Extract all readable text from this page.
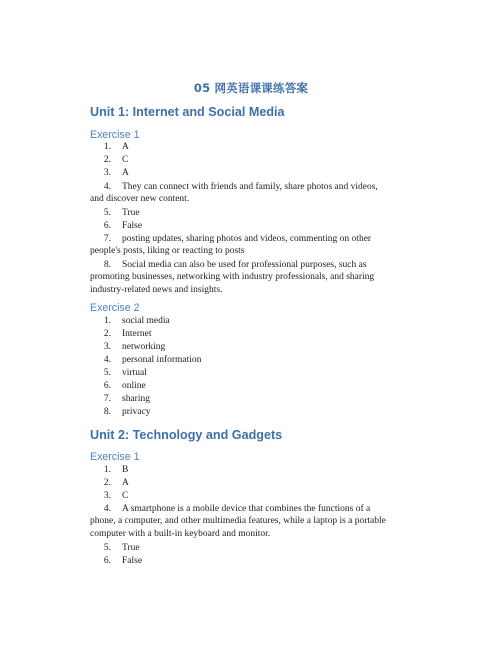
05 网英语课课练答案
Unit 1: Internet and Social Media
Exercise 1
1. A
2. C
3. A
4. They can connect with friends and family, share photos and videos,
and discover new content.
5. True
6. False
7. posting updates, sharing photos and videos, commenting on other
people's posts, liking or reacting to posts
8. Social media can also be used for professional purposes, such as
promoting businesses, networking with industry professionals, and sharing
industry-related news and insights.
Exercise 2
1. social media
2. Internet
3. networking
4. personal information
5. virtual
6. online
7. sharing
8. privacy
Unit 2: Technology and Gadgets
Exercise 1
1. B
2. A
3. C
4. A smartphone is a mobile device that combines the functions of a
phone, a computer, and other multimedia features, while a laptop is a portable
computer with a built-in keyboard and monitor.
5. True
6. False
